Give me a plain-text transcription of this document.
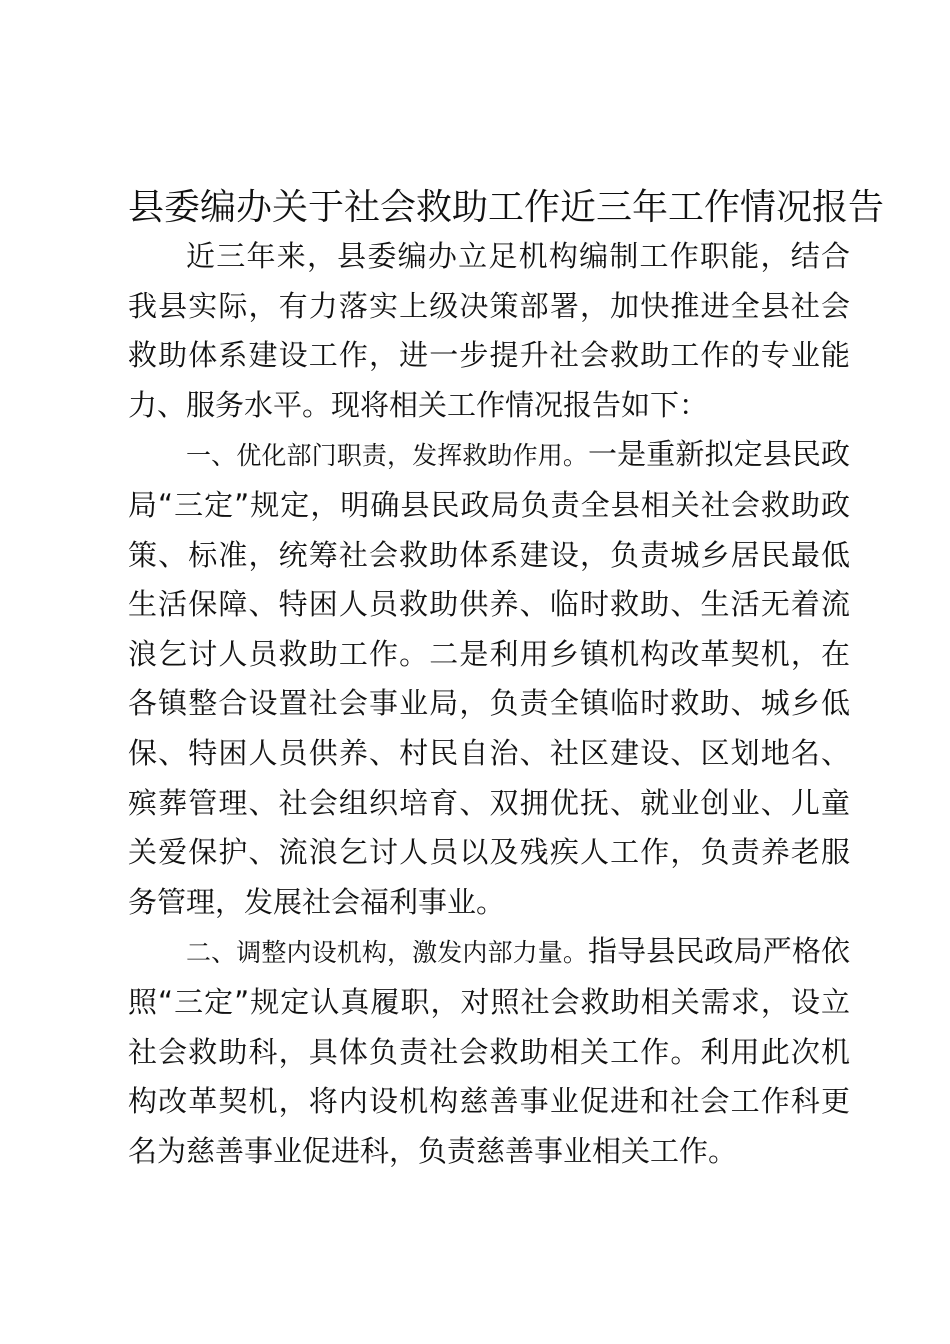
县委编办关于社会救助工作近三年工作情况报告

近三年来，县委编办立足机构编制工作职能，结合我县实际，有力落实上级决策部署，加快推进全县社会救助体系建设工作，进一步提升社会救助工作的专业能力、服务水平。现将相关工作情况报告如下：

一、优化部门职责，发挥救助作用。一是重新拟定县民政局“三定”规定，明确县民政局负责全县相关社会救助政策、标准，统筹社会救助体系建设，负责城乡居民最低生活保障、特困人员救助供养、临时救助、生活无着流浪乞讨人员救助工作。二是利用乡镇机构改革契机，在各镇整合设置社会事业局，负责全镇临时救助、城乡低保、特困人员供养、村民自治、社区建设、区划地名、殡葬管理、社会组织培育、双拥优抚、就业创业、儿童关爱保护、流浪乞讨人员以及残疾人工作，负责养老服务管理，发展社会福利事业。

二、调整内设机构，激发内部力量。指导县民政局严格依照“三定”规定认真履职，对照社会救助相关需求，设立社会救助科，具体负责社会救助相关工作。利用此次机构改革契机，将内设机构慈善事业促进和社会工作科更名为慈善事业促进科，负责慈善事业相关工作。
